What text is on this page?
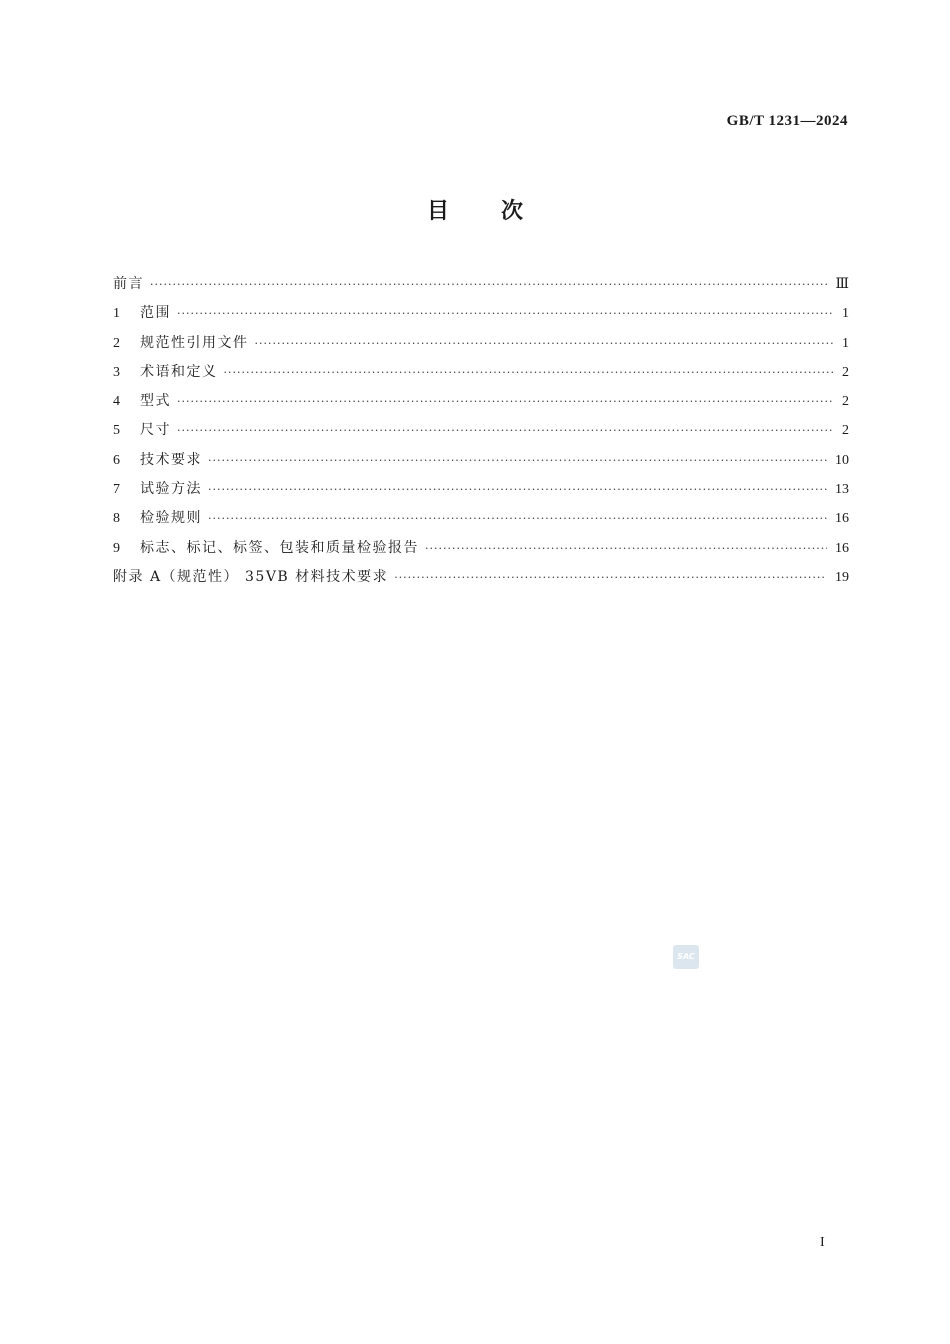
GB/T 1231—2024
目 次
前言 ·····	Ⅲ
1	范围 ·····	1
2	规范性引用文件 ·····	1
3	术语和定义 ·····	2
4	型式 ·····	2
5	尺寸 ·····	2
6	技术要求 ·····	10
7	试验方法 ·····	13
8	检验规则 ·····	16
9	标志、标记、标签、包装和质量检验报告 ·····	16
附录 A（规范性） 35VB 材料技术要求 ·····	19
SAC
I
